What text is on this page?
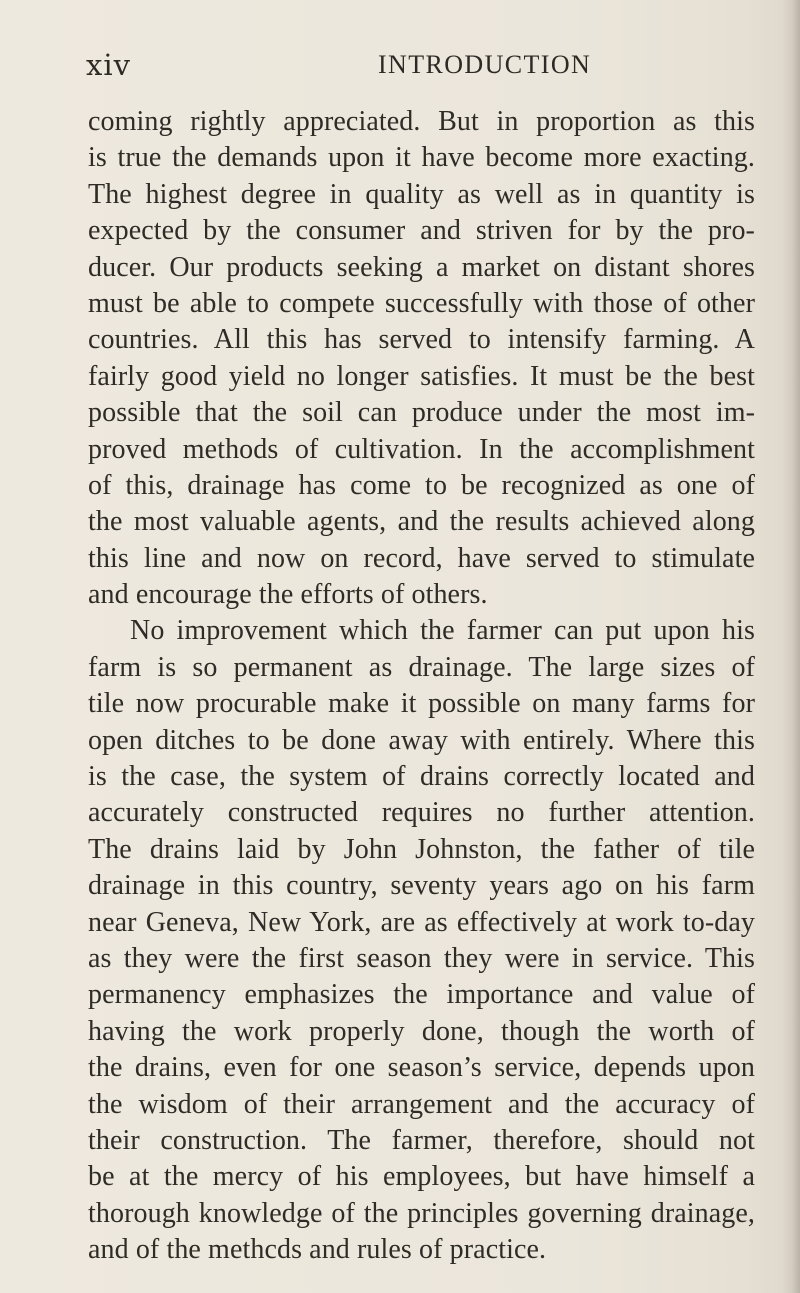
xiv	INTRODUCTION
coming rightly appreciated. But in proportion as this
is true the demands upon it have become more exacting.
The highest degree in quality as well as in quantity is
expected by the consumer and striven for by the pro-
ducer. Our products seeking a market on distant shores
must be able to compete successfully with those of other
countries. All this has served to intensify farming. A
fairly good yield no longer satisfies. It must be the best
possible that the soil can produce under the most im-
proved methods of cultivation. In the accomplishment
of this, drainage has come to be recognized as one of
the most valuable agents, and the results achieved along
this line and now on record, have served to stimulate
and encourage the efforts of others.
No improvement which the farmer can put upon his
farm is so permanent as drainage. The large sizes of
tile now procurable make it possible on many farms for
open ditches to be done away with entirely. Where this
is the case, the system of drains correctly located and
accurately constructed requires no further attention.
The drains laid by John Johnston, the father of tile
drainage in this country, seventy years ago on his farm
near Geneva, New York, are as effectively at work to-day
as they were the first season they were in service. This
permanency emphasizes the importance and value of
having the work properly done, though the worth of
the drains, even for one season’s service, depends upon
the wisdom of their arrangement and the accuracy of
their construction. The farmer, therefore, should not
be at the mercy of his employees, but have himself a
thorough knowledge of the principles governing drainage,
and of the methcds and rules of practice.
